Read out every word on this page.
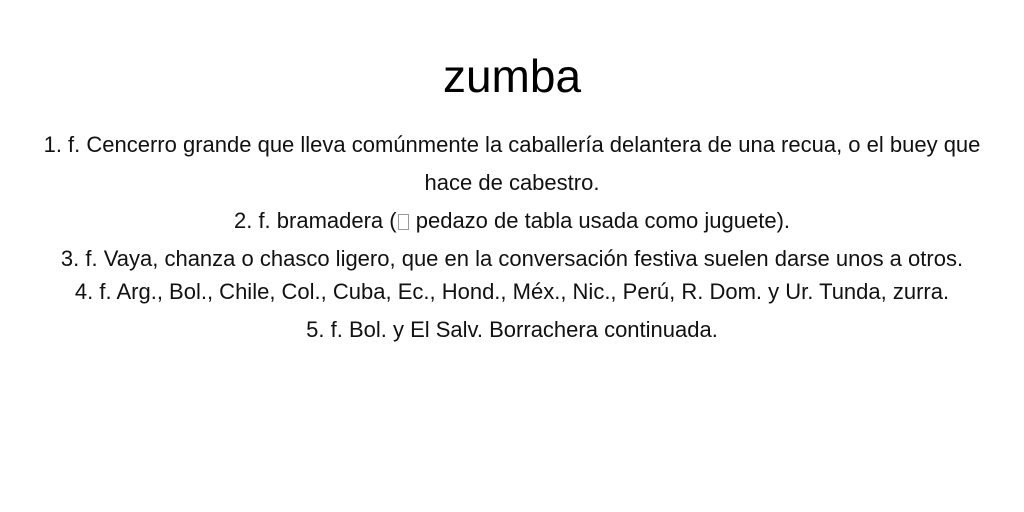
zumba
1. f. Cencerro grande que lleva comúnmente la caballería delantera de una recua, o el buey que hace de cabestro.
2. f. bramadera ( pedazo de tabla usada como juguete).
3. f. Vaya, chanza o chasco ligero, que en la conversación festiva suelen darse unos a otros.
4. f. Arg., Bol., Chile, Col., Cuba, Ec., Hond., Méx., Nic., Perú, R. Dom. y Ur. Tunda, zurra.
5. f. Bol. y El Salv. Borrachera continuada.
